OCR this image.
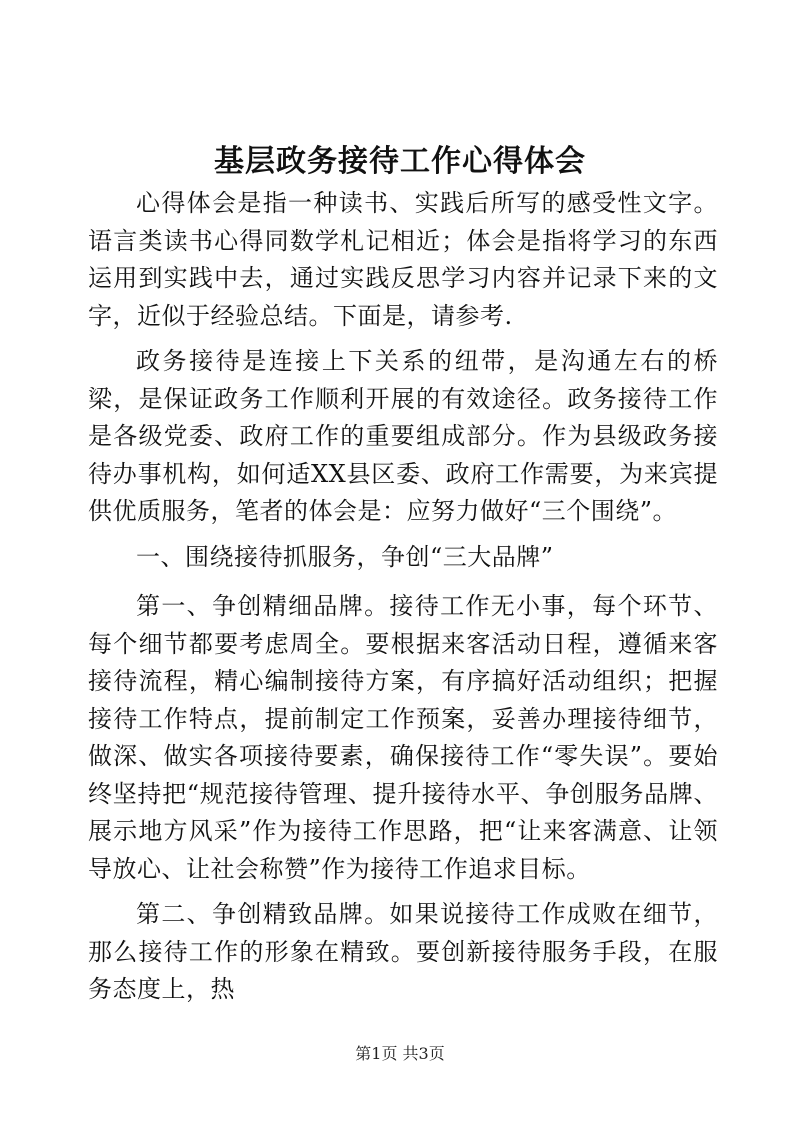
基层政务接待工作心得体会

心得体会是指一种读书、实践后所写的感受性文字。语言类读书心得同数学札记相近；体会是指将学习的东西运用到实践中去，通过实践反思学习内容并记录下来的文字，近似于经验总结。下面是，请参考.

政务接待是连接上下关系的纽带，是沟通左右的桥梁，是保证政务工作顺利开展的有效途径。政务接待工作是各级党委、政府工作的重要组成部分。作为县级政务接待办事机构，如何适XX县区委、政府工作需要，为来宾提供优质服务，笔者的体会是：应努力做好“三个围绕”。

一、围绕接待抓服务，争创“三大品牌”

第一、争创精细品牌。接待工作无小事，每个环节、每个细节都要考虑周全。要根据来客活动日程，遵循来客接待流程，精心编制接待方案，有序搞好活动组织；把握接待工作特点，提前制定工作预案，妥善办理接待细节，做深、做实各项接待要素，确保接待工作“零失误”。要始终坚持把“规范接待管理、提升接待水平、争创服务品牌、展示地方风采”作为接待工作思路，把“让来客满意、让领导放心、让社会称赞”作为接待工作追求目标。

第二、争创精致品牌。如果说接待工作成败在细节，那么接待工作的形象在精致。要创新接待服务手段，在服务态度上，热

第1页 共3页
